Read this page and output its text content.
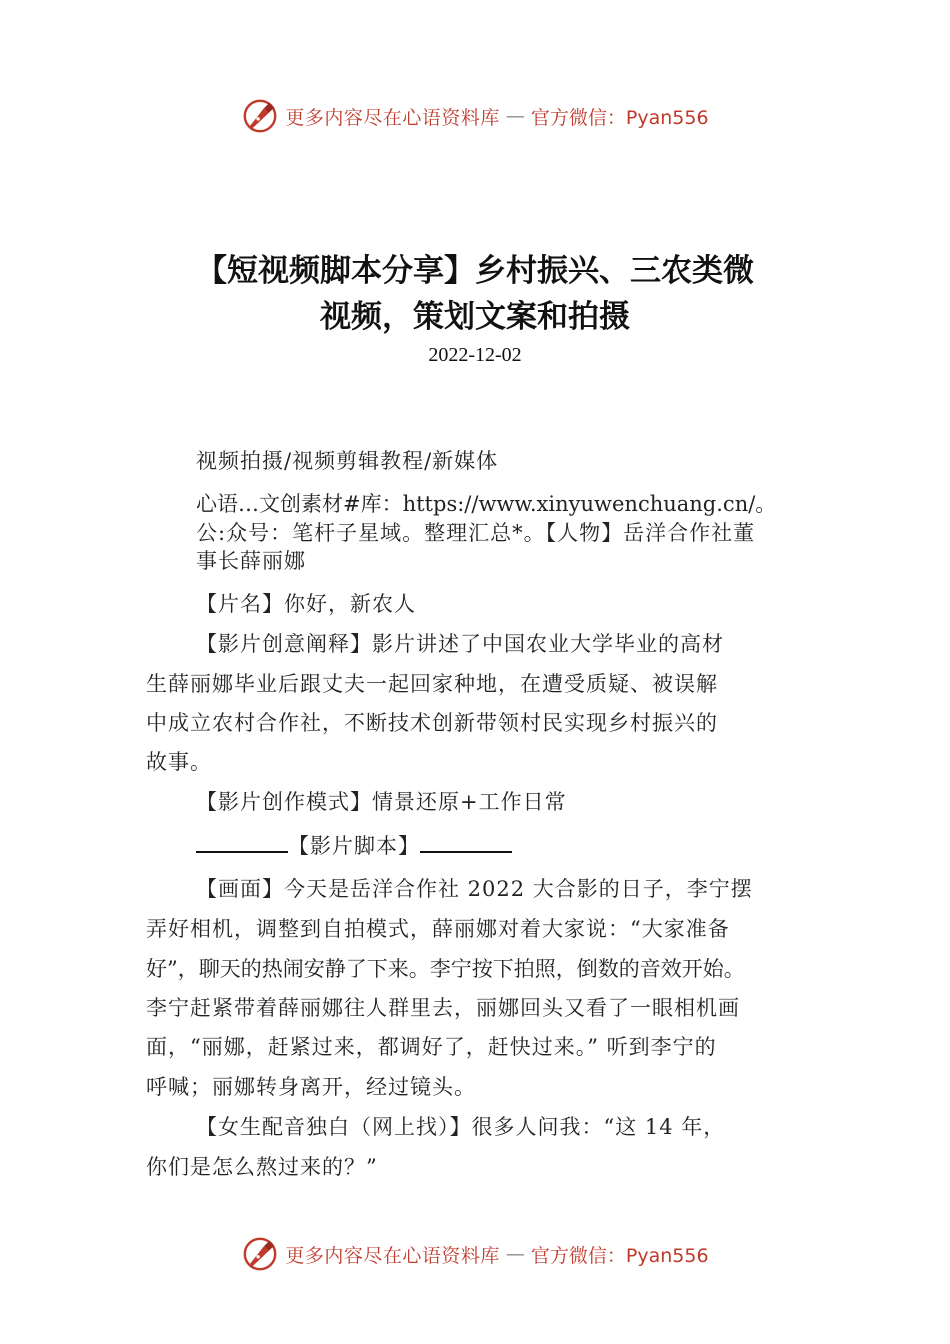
更多内容尽在心语资料库 — 官方微信：Pyan556
【短视频脚本分享】乡村振兴、三农类微
视频，策划文案和拍摄
2022-12-02
视频拍摄/视频剪辑教程/新媒体
心语…文创素材#库：https://www.xinyuwenchuang.cn/。
公:众号：笔杆子星域。整理汇总*。【人物】岳洋合作社董
事长薛丽娜
【片名】你好，新农人
【影片创意阐释】影片讲述了中国农业大学毕业的高材
生薛丽娜毕业后跟丈夫一起回家种地，在遭受质疑、被误解
中成立农村合作社，不断技术创新带领村民实现乡村振兴的
故事。
【影片创作模式】情景还原+工作日常
【影片脚本】
【画面】今天是岳洋合作社 2022 大合影的日子，李宁摆
弄好相机，调整到自拍模式，薛丽娜对着大家说：“大家准备
好”，聊天的热闹安静了下来。李宁按下拍照，倒数的音效开始。
李宁赶紧带着薛丽娜往人群里去，丽娜回头又看了一眼相机画
面，“丽娜，赶紧过来，都调好了，赶快过来。” 听到李宁的
呼喊；丽娜转身离开，经过镜头。
【女生配音独白（网上找）】很多人问我：“这 14 年，
你们是怎么熬过来的？”
更多内容尽在心语资料库 — 官方微信：Pyan556
